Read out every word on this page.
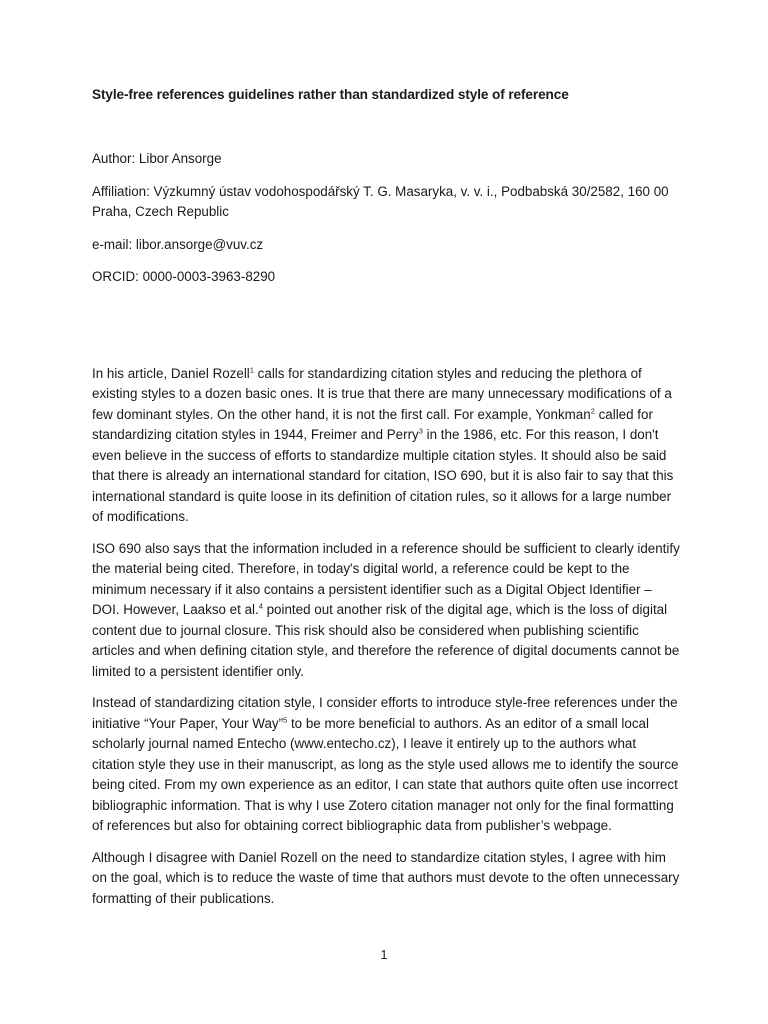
Style-free references guidelines rather than standardized style of reference

Author: Libor Ansorge

Affiliation: Výzkumný ústav vodohospodářský T. G. Masaryka, v. v. i., Podbabská 30/2582, 160 00 Praha, Czech Republic

e-mail: libor.ansorge@vuv.cz

ORCID: 0000-0003-3963-8290

In his article, Daniel Rozell$^1$ calls for standardizing citation styles and reducing the plethora of existing styles to a dozen basic ones. It is true that there are many unnecessary modifications of a few dominant styles. On the other hand, it is not the first call. For example, Yonkman$^2$ called for standardizing citation styles in 1944, Freimer and Perry$^3$ in the 1986, etc. For this reason, I don't even believe in the success of efforts to standardize multiple citation styles. It should also be said that there is already an international standard for citation, ISO 690, but it is also fair to say that this international standard is quite loose in its definition of citation rules, so it allows for a large number of modifications.

ISO 690 also says that the information included in a reference should be sufficient to clearly identify the material being cited. Therefore, in today's digital world, a reference could be kept to the minimum necessary if it also contains a persistent identifier such as a Digital Object Identifier – DOI. However, Laakso et al.$^4$ pointed out another risk of the digital age, which is the loss of digital content due to journal closure. This risk should also be considered when publishing scientific articles and when defining citation style, and therefore the reference of digital documents cannot be limited to a persistent identifier only.

Instead of standardizing citation style, I consider efforts to introduce style-free references under the initiative “Your Paper, Your Way”$^5$ to be more beneficial to authors. As an editor of a small local scholarly journal named Entecho (www.entecho.cz), I leave it entirely up to the authors what citation style they use in their manuscript, as long as the style used allows me to identify the source being cited. From my own experience as an editor, I can state that authors quite often use incorrect bibliographic information. That is why I use Zotero citation manager not only for the final formatting of references but also for obtaining correct bibliographic data from publisher’s webpage.

Although I disagree with Daniel Rozell on the need to standardize citation styles, I agree with him on the goal, which is to reduce the waste of time that authors must devote to the often unnecessary formatting of their publications.

1
